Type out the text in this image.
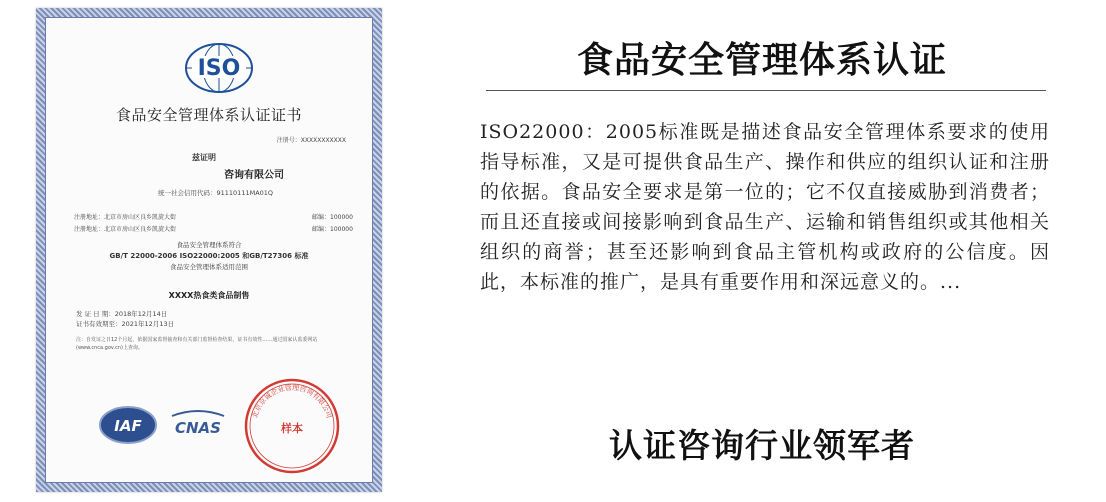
ISO
食品安全管理体系认证证书
注册号：XXXXXXXXXXX
兹证明
咨询有限公司
统一社会信用代码：91110111MA01Q
注册地址：北京市房山区良乡凯旋大街	邮编：100000
注册地址：北京市房山区良乡凯旋大街	邮编：100000
食品安全管理体系符合
GB/T 22000-2006 ISO22000:2005 和GB/T27306 标准
食品安全管理体系适用范围
XXXX热食类食品制售
发 证 日 期：2018年12月14日
证书有效期至：2021年12月13日
注：自发证之日12个月起，依据国家监督抽查和有关部门监督检查结果，证书有效性……通过国家认监委网站(www.cnca.gov.cn)上查询。
IAF CNAS
北京京诚企业管理咨询有限公司
样本
食品安全管理体系认证
ISO22000：2005标准既是描述食品安全管理体系要求的使用指导标准，又是可提供食品生产、操作和供应的组织认证和注册的依据。食品安全要求是第一位的；它不仅直接威胁到消费者；而且还直接或间接影响到食品生产、运输和销售组织或其他相关组织的商誉；甚至还影响到食品主管机构或政府的公信度。因此，本标准的推广，是具有重要作用和深远意义的。...
认证咨询行业领军者
